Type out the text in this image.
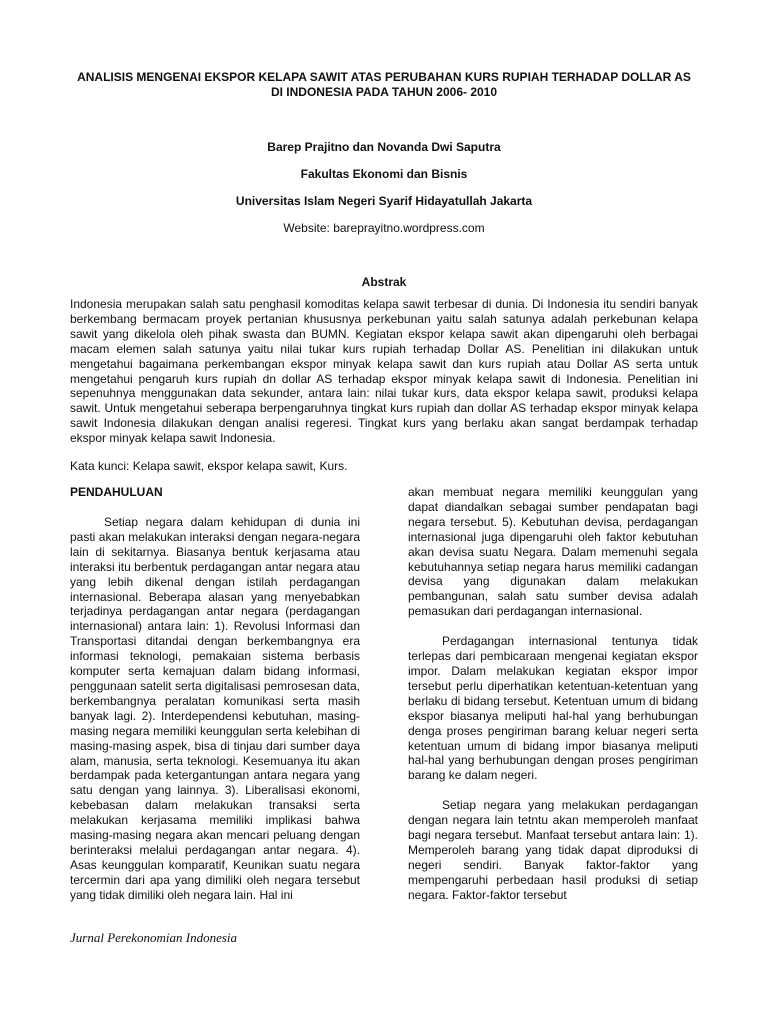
ANALISIS MENGENAI EKSPOR KELAPA SAWIT ATAS PERUBAHAN KURS RUPIAH TERHADAP DOLLAR AS DI INDONESIA PADA TAHUN 2006- 2010
Barep Prajitno dan Novanda Dwi Saputra
Fakultas Ekonomi dan Bisnis
Universitas Islam Negeri Syarif Hidayatullah Jakarta
Website: bareprayitno.wordpress.com
Abstrak

Indonesia merupakan salah satu penghasil komoditas kelapa sawit terbesar di dunia. Di Indonesia itu sendiri banyak berkembang bermacam proyek pertanian khususnya perkebunan yaitu salah satunya adalah perkebunan kelapa sawit yang dikelola oleh pihak swasta dan BUMN. Kegiatan ekspor kelapa sawit akan dipengaruhi oleh berbagai macam elemen salah satunya yaitu nilai tukar kurs rupiah terhadap Dollar AS. Penelitian ini dilakukan untuk mengetahui bagaimana perkembangan ekspor minyak kelapa sawit dan kurs rupiah atau Dollar AS serta untuk mengetahui pengaruh kurs rupiah dn dollar AS terhadap ekspor minyak kelapa sawit di Indonesia. Penelitian ini sepenuhnya menggunakan data sekunder, antara lain: nilai tukar kurs, data ekspor kelapa sawit, produksi kelapa sawit. Untuk mengetahui seberapa berpengaruhnya tingkat kurs rupiah dan dollar AS terhadap ekspor minyak kelapa sawit Indonesia dilakukan dengan analisi regeresi. Tingkat kurs yang berlaku akan sangat berdampak terhadap ekspor minyak kelapa sawit Indonesia.

Kata kunci: Kelapa sawit, ekspor kelapa sawit, Kurs.

PENDAHULUAN

Setiap negara dalam kehidupan di dunia ini pasti akan melakukan interaksi dengan negara-negara lain di sekitarnya. Biasanya bentuk kerjasama atau interaksi itu berbentuk perdagangan antar negara atau yang lebih dikenal dengan istilah perdagangan internasional. Beberapa alasan yang menyebabkan terjadinya perdagangan antar negara (perdagangan internasional) antara lain: 1). Revolusi Informasi dan Transportasi ditandai dengan berkembangnya era informasi teknologi, pemakaian sistema berbasis komputer serta kemajuan dalam bidang informasi, penggunaan satelit serta digitalisasi pemrosesan data, berkembangnya peralatan komunikasi serta masih banyak lagi. 2). Interdependensi kebutuhan, masing-masing negara memiliki keunggulan serta kelebihan di masing-masing aspek, bisa di tinjau dari sumber daya alam, manusia, serta teknologi. Kesemuanya itu akan berdampak pada ketergantungan antara negara yang satu dengan yang lainnya. 3). Liberalisasi ekonomi, kebebasan dalam melakukan transaksi serta melakukan kerjasama memiliki implikasi bahwa masing-masing negara akan mencari peluang dengan berinteraksi melalui perdagangan antar negara. 4). Asas keunggulan komparatif, Keunikan suatu negara tercermin dari apa yang dimiliki oleh negara tersebut yang tidak dimiliki oleh negara lain. Hal ini

akan membuat negara memiliki keunggulan yang dapat diandalkan sebagai sumber pendapatan bagi negara tersebut. 5). Kebutuhan devisa, perdagangan internasional juga dipengaruhi oleh faktor kebutuhan akan devisa suatu Negara. Dalam memenuhi segala kebutuhannya setiap negara harus memiliki cadangan devisa yang digunakan dalam melakukan pembangunan, salah satu sumber devisa adalah pemasukan dari perdagangan internasional.

Perdagangan internasional tentunya tidak terlepas dari pembicaraan mengenai kegiatan ekspor impor. Dalam melakukan kegiatan ekspor impor tersebut perlu diperhatikan ketentuan-ketentuan yang berlaku di bidang tersebut. Ketentuan umum di bidang ekspor biasanya meliputi hal-hal yang berhubungan denga proses pengiriman barang keluar negeri serta ketentuan umum di bidang impor biasanya meliputi hal-hal yang berhubungan dengan proses pengiriman barang ke dalam negeri.

Setiap negara yang melakukan perdagangan dengan negara lain tetntu akan memperoleh manfaat bagi negara tersebut. Manfaat tersebut antara lain: 1). Memperoleh barang yang tidak dapat diproduksi di negeri sendiri. Banyak faktor-faktor yang mempengaruhi perbedaan hasil produksi di setiap negara. Faktor-faktor tersebut

Jurnal Perekonomian Indonesia
